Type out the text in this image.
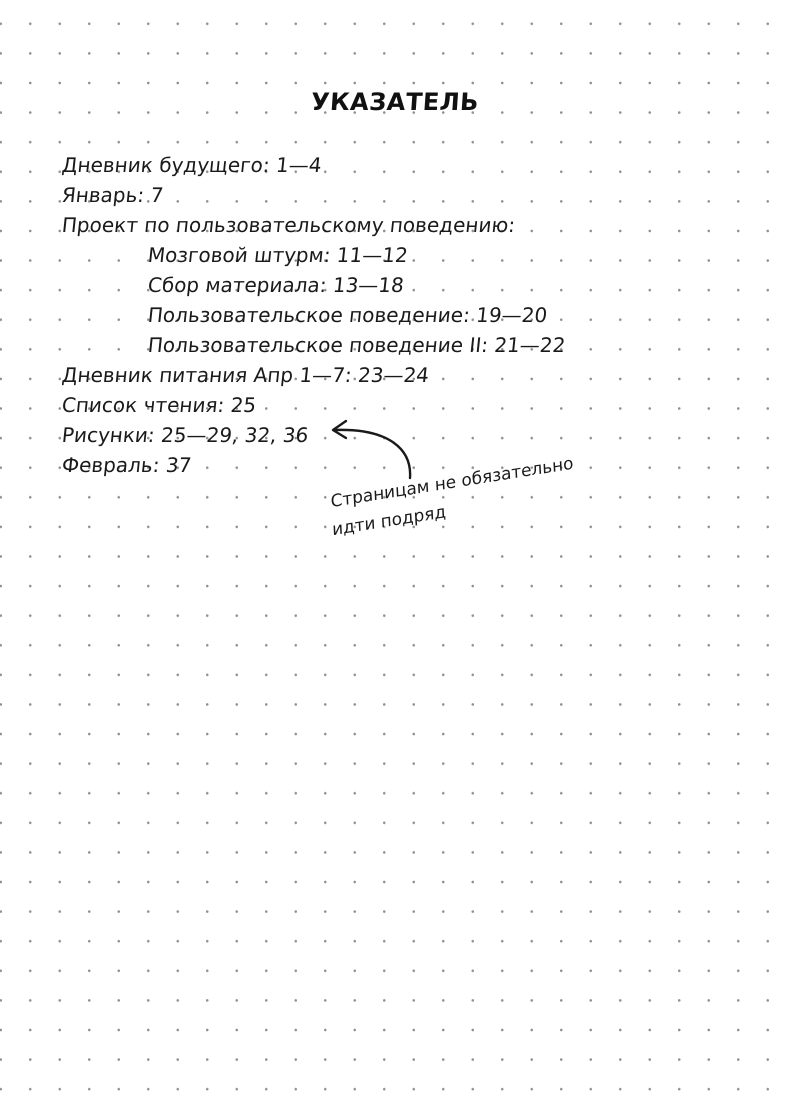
УКАЗАТЕЛЬ
Дневник будущего: 1—4
Январь: 7
Проект по пользовательскому поведению:
Мозговой штурм: 11—12
Сбор материала: 13—18
Пользовательское поведение: 19—20
Пользовательское поведение II: 21—22
Дневник питания Апр 1—7: 23—24
Список чтения: 25
Рисунки: 25—29, 32, 36
Февраль: 37	Страницам не обязательно
идти подряд
